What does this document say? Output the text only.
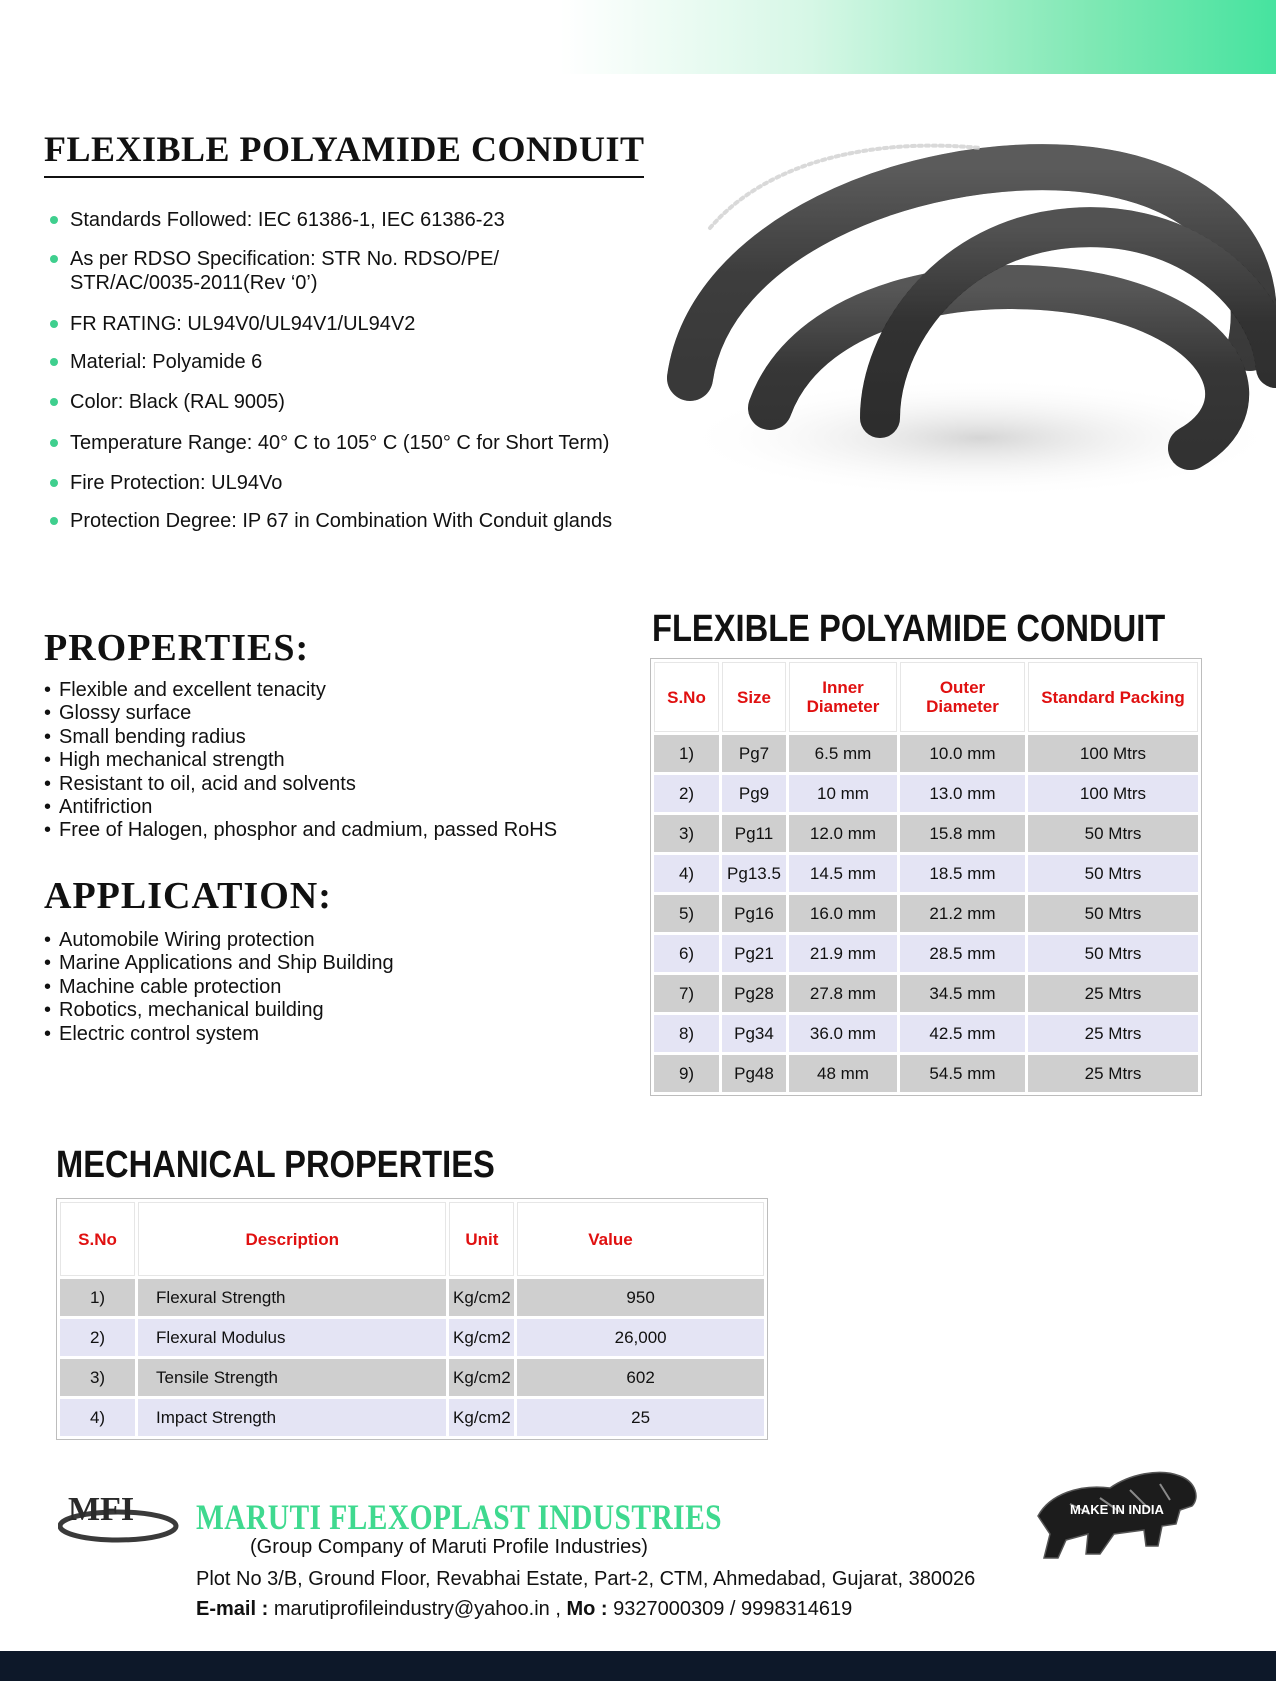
FLEXIBLE POLYAMIDE CONDUIT
Standards Followed: IEC 61386-1, IEC 61386-23
As per RDSO Specification: STR No. RDSO/PE/
STR/AC/0035-2011(Rev ‘0’)
FR RATING: UL94V0/UL94V1/UL94V2
Material: Polyamide 6
Color: Black (RAL 9005)
Temperature Range: 40° C to 105° C (150° C for Short Term)
Fire Protection: UL94Vo
Protection Degree: IP 67 in Combination With Conduit glands
PROPERTIES:
• Flexible and excellent tenacity
• Glossy surface
• Small bending radius
• High mechanical strength
• Resistant to oil, acid and solvents
• Antifriction
• Free of Halogen, phosphor and cadmium, passed RoHS
APPLICATION:
• Automobile Wiring protection
• Marine Applications and Ship Building
• Machine cable protection
• Robotics, mechanical building
• Electric control system
FLEXIBLE POLYAMIDE CONDUIT
S.No	Size	Inner Diameter	Outer Diameter	Standard Packing
1)	Pg7	6.5 mm	10.0 mm	100 Mtrs
2)	Pg9	10 mm	13.0 mm	100 Mtrs
3)	Pg11	12.0 mm	15.8 mm	50 Mtrs
4)	Pg13.5	14.5 mm	18.5 mm	50 Mtrs
5)	Pg16	16.0 mm	21.2 mm	50 Mtrs
6)	Pg21	21.9 mm	28.5 mm	50 Mtrs
7)	Pg28	27.8 mm	34.5 mm	25 Mtrs
8)	Pg34	36.0 mm	42.5 mm	25 Mtrs
9)	Pg48	48 mm	54.5 mm	25 Mtrs
MECHANICAL PROPERTIES
S.No	Description	Unit	Value
1)	Flexural Strength	Kg/cm2	950
2)	Flexural Modulus	Kg/cm2	26,000
3)	Tensile Strength	Kg/cm2	602
4)	Impact Strength	Kg/cm2	25
MFI MARUTI FLEXOPLAST INDUSTRIES

(Group Company of Maruti Profile Industries)

Plot No 3/B, Ground Floor, Revabhai Estate, Part-2, CTM, Ahmedabad, Gujarat, 380026

E-mail : marutiprofileindustry@yahoo.in , Mo : 9327000309 / 9998314619

MAKE IN INDIA
